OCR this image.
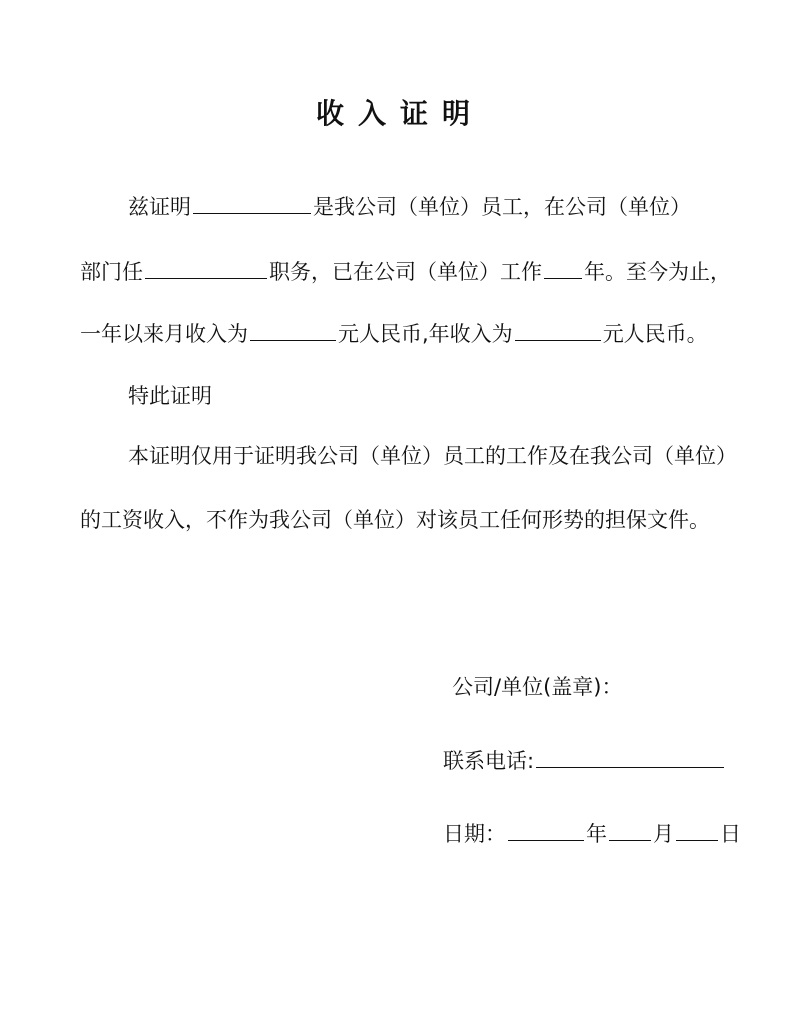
收入证明
兹证明	是我公司（单位）员工，在公司（单位）
部门任	职务，已在公司（单位）工作 年。至今为止，
一年以来月收入为	元人民币,年收入为	元人民币。
特此证明
本证明仅用于证明我公司（单位）员工的工作及在我公司（单位）
的工资收入，不作为我公司（单位）对该员工任何形势的担保文件。
公司/单位(盖章)：
联系电话:
日期：	年 月 日
